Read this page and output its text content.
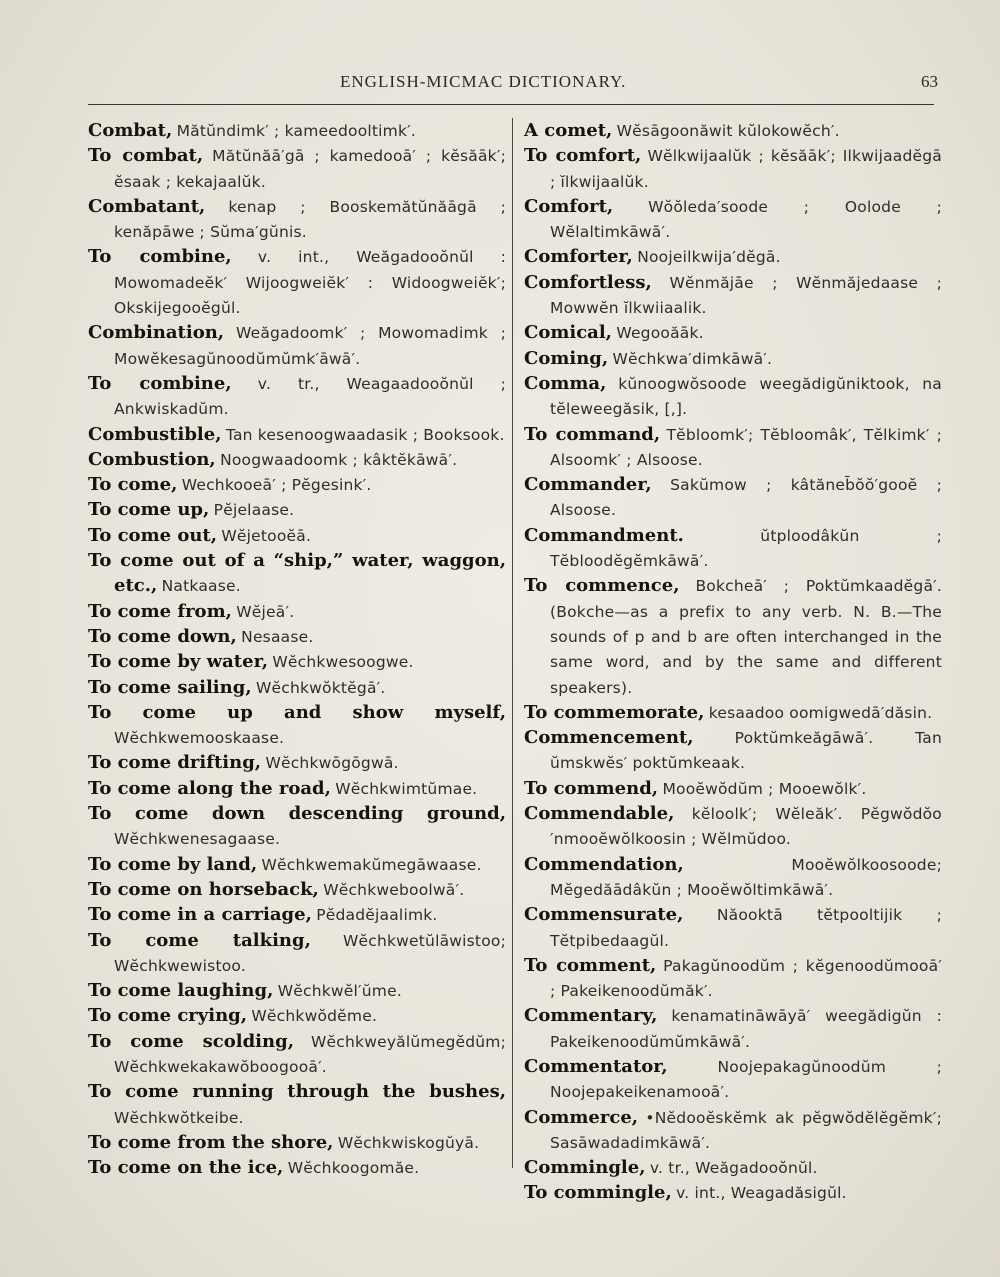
ENGLISH-MICMAC DICTIONARY.	63

Combat, Mătŭndimk′ ; kameedooltimk′.

To combat, Mătŭnăā′gā ; kamedooā′ ; kĕsăāk′; ĕsaak ; kekajaalŭk.

Combatant, kenap ; Booskemătŭnăāgā ; kenăpāwe ; Sŭma′gŭnis.

To combine, v. int., Weăgadooŏnŭl : Mowomadeĕk′ Wijoogweiĕk′ : Widoogweiĕk′; Okskijegooĕgŭl.

Combination, Weăgadoomk′ ; Mowomadimk ; Mowĕkesagŭnoodŭmŭmk′āwā′.

To combine, v. tr., Weagaadooŏnŭl ; Ankwiskadŭm.

Combustible, Tan kesenoogwaadasik ; Booksook.

Combustion, Noogwaadoomk ; kâktĕkāwā′.

To come, Wechkooeā′ ; Pĕgesink′.

To come up, Pĕjelaase.

To come out, Wĕjetooĕā.

To come out of a “ship,” water, waggon, etc., Natkaase.

To come from, Wĕjeā′.

To come down, Nesaase.

To come by water, Wĕchkwesoogwe.

To come sailing, Wĕchkwŏktĕgā′.

To come up and show myself, Wĕchkwemooskaase.

To come drifting, Wĕchkwōgōgwā.

To come along the road, Wĕchkwimtŭmae.

To come down descending ground, Wĕchkwenesagaase.

To come by land, Wĕchkwemakŭmegāwaase.

To come on horseback, Wĕchkweboolwā′.

To come in a carriage, Pĕdadĕjaalimk.

To come talking, Wĕchkwetŭlāwistoo; Wĕchkwewistoo.

To come laughing, Wĕchkwĕl′ŭme.

To come crying, Wĕchkwŏdĕme.

To come scolding, Wĕchkweyălŭmegĕdŭm; Wĕchkwekakawŏboogooā′.

To come running through the bushes, Wĕchkwŏtkeibe.

To come from the shore, Wĕchkwiskogŭyā.

To come on the ice, Wĕchkoogomăe.

A comet, Wĕsāgoonăwit kŭlokowĕch′.

To comfort, Wĕlkwijaalŭk ; kĕsăāk′; Ilkwijaadĕgā ; ĭlkwijaalŭk.

Comfort, Wŏŏleda′soode ; Oolode ; Wĕlaltimkāwā′.

Comforter, Noojeilkwija′dĕgā.

Comfortless, Wĕnmăjāe ; Wĕnmăjedaase ; Mowwĕn ĭlkwiiaalik.

Comical, Wegooăāk.

Coming, Wĕchkwa′dimkāwā′.

Comma, kŭnoogwŏsoode weegădigŭniktook, na tĕleweegăsik, [,].

To command, Tĕbloomk′; Tĕbloomâk′, Tĕlkimk′ ; Alsoomk′ ; Alsoose.

Commander, Sakŭmow ; kâtăneb̄ŏŏ′gooĕ ; Alsoose.

Commandment.	ŭtploodâkŭn ; Tĕbloodĕgĕmkāwā′.

To commence, Bokcheā′ ; Poktŭmkaadĕgā′. (Bokche—as a prefix to any verb. N. B.—The sounds of p and b are often interchanged in the same word, and by the same and different speakers).

To commemorate, kesaadoo oomigwedā′dăsin.

Commencement,	Poktŭmkeăgāwā′. Tan ŭmskwĕs′ poktŭmkeaak.

To commend, Mooĕwŏdŭm ; Mooewŏlk′.

Commendable, kĕloolk′; Wĕleăk′. Pĕgwŏdŏo ′nmooĕwŏlkoosin ; Wĕlmŭdoo.

Commendation,	Mooĕwŏlkoosoode; Mĕgedăādâkŭn ; Mooĕwŏltimkāwā′.

Commensurate, Năooktā tĕtpooltijik ; Tĕtpibedaagŭl.

To comment, Pakagŭnoodŭm ; kĕgenoodŭmooā′ ; Pakeikenoodŭmăk′.

Commentary, kenamatināwāyā′ weegădigŭn : Pakeikenoodŭmŭmkāwā′.

Commentator,	Noojepakagŭnoodŭm ; Noojepakeikenamooā′.

Commerce, •Nĕdooĕskĕmk ak pĕgwŏdĕlĕgĕmk′; Sasāwadadimkāwā′.

Commingle, v. tr., Weăgadooŏnŭl.

To commingle, v. int., Weagadăsigŭl.
